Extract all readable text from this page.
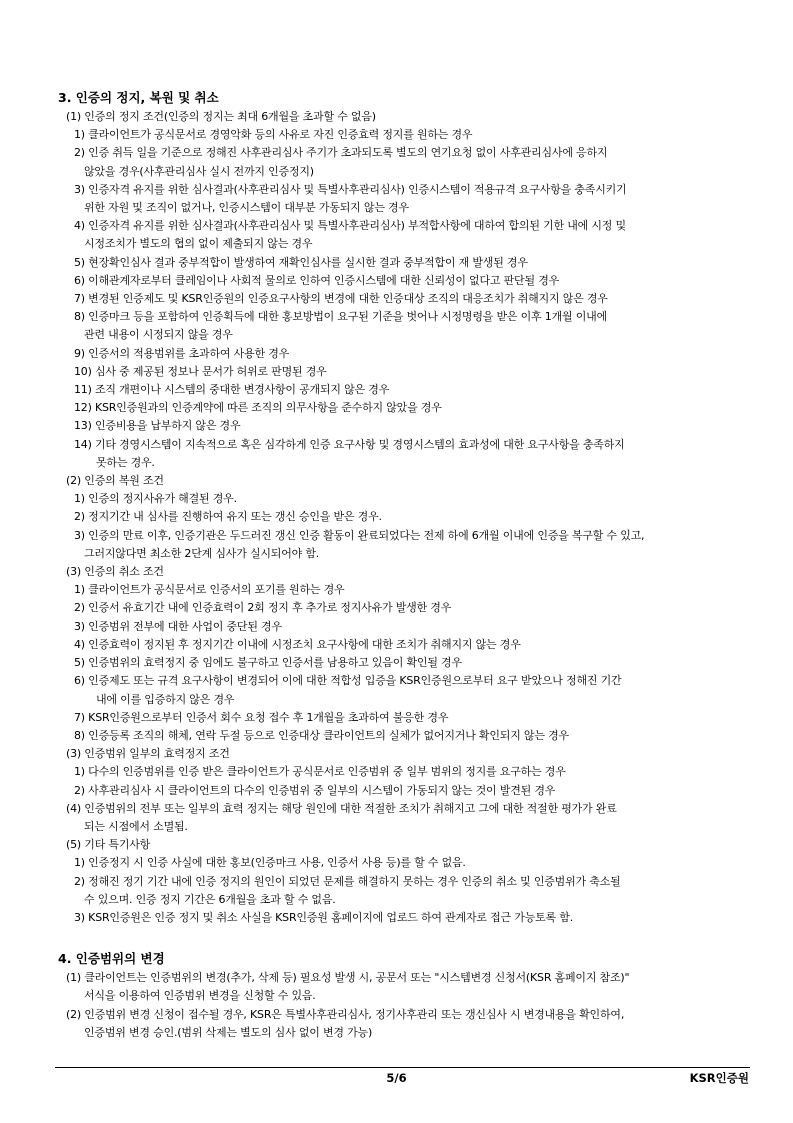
3. 인증의 정지, 복원 및 취소
(1) 인증의 정지 조건(인증의 정지는 최대 6개월을 초과할 수 없음)
1) 클라이언트가 공식문서로 경영악화 등의 사유로 자진 인증효력 정지를 원하는 경우
2) 인증 취득 일을 기준으로 정해진 사후관리심사 주기가 초과되도록 별도의 연기요청 없이 사후관리심사에 응하지
않았을 경우(사후관리심사 실시 전까지 인증정지)
3) 인증자격 유지를 위한 심사결과(사후관리심사 및 특별사후관리심사) 인증시스템이 적용규격 요구사항을 충족시키기
위한 자원 및 조직이 없거나, 인증시스템이 대부분 가동되지 않는 경우
4) 인증자격 유지를 위한 심사결과(사후관리심사 및 특별사후관리심사) 부적합사항에 대하여 합의된 기한 내에 시정 및
시정조치가 별도의 협의 없이 제출되지 않는 경우
5) 현장확인심사 결과 중부적합이 발생하여 재확인심사를 실시한 결과 중부적합이 재 발생된 경우
6) 이해관계자로부터 클레임이나 사회적 물의로 인하여 인증시스템에 대한 신뢰성이 없다고 판단될 경우
7) 변경된 인증제도 및 KSR인증원의 인증요구사항의 변경에 대한 인증대상 조직의 대응조치가 취해지지 않은 경우
8) 인증마크 등을 포함하여 인증획득에 대한 홍보방법이 요구된 기준을 벗어나 시정명령을 받은 이후 1개월 이내에
관련 내용이 시정되지 않을 경우
9) 인증서의 적용범위를 초과하여 사용한 경우
10) 심사 중 제공된 정보나 문서가 허위로 판명된 경우
11) 조직 개편이나 시스템의 중대한 변경사항이 공개되지 않은 경우
12) KSR인증원과의 인증계약에 따른 조직의 의무사항을 준수하지 않았을 경우
13) 인증비용을 납부하지 않은 경우
14) 기타 경영시스템이 지속적으로 혹은 심각하게 인증 요구사항 및 경영시스템의 효과성에 대한 요구사항을 충족하지
못하는 경우.
(2) 인증의 복원 조건
1) 인증의 정지사유가 해결된 경우.
2) 정지기간 내 심사를 진행하여 유지 또는 갱신 승인을 받은 경우.
3) 인증의 만료 이후, 인증기관은 두드러진 갱신 인증 활동이 완료되었다는 전제 하에 6개월 이내에 인증을 복구할 수 있고,
그러지않다면 최소한 2단계 심사가 실시되어야 함.
(3) 인증의 취소 조건
1) 클라이언트가 공식문서로 인증서의 포기를 원하는 경우
2) 인증서 유효기간 내에 인증효력이 2회 정지 후 추가로 정지사유가 발생한 경우
3) 인증범위 전부에 대한 사업이 중단된 경우
4) 인증효력이 정지된 후 정지기간 이내에 시정조치 요구사항에 대한 조치가 취해지지 않는 경우
5) 인증범위의 효력정지 중 임에도 불구하고 인증서를 남용하고 있음이 확인될 경우
6) 인증제도 또는 규격 요구사항이 변경되어 이에 대한 적합성 입증을 KSR인증원으로부터 요구 받았으나 정해진 기간
내에 이를 입증하지 않은 경우
7) KSR인증원으로부터 인증서 회수 요청 접수 후 1개월을 초과하여 불응한 경우
8) 인증등록 조직의 해체, 연락 두절 등으로 인증대상 클라이언트의 실체가 없어지거나 확인되지 않는 경우
(3) 인증범위 일부의 효력정지 조건
1) 다수의 인증범위를 인증 받은 클라이언트가 공식문서로 인증범위 중 일부 범위의 정지를 요구하는 경우
2) 사후관리심사 시 클라이언트의 다수의 인증범위 중 일부의 시스템이 가동되지 않는 것이 발견된 경우
(4) 인증범위의 전부 또는 일부의 효력 정지는 해당 원인에 대한 적절한 조치가 취해지고 그에 대한 적절한 평가가 완료
되는 시점에서 소멸됨.
(5) 기타 특기사항
1) 인증정지 시 인증 사실에 대한 홍보(인증마크 사용, 인증서 사용 등)를 할 수 없음.
2) 정해진 정기 기간 내에 인증 정지의 원인이 되었던 문제를 해결하지 못하는 경우 인증의 취소 및 인증범위가 축소될
수 있으며. 인증 정지 기간은 6개월을 초과 할 수 없음.
3) KSR인증원은 인증 정지 및 취소 사실을 KSR인증원 홈페이지에 업로드 하여 관계자로 접근 가능토록 함.
4. 인증범위의 변경
(1) 클라이언트는 인증범위의 변경(추가, 삭제 등) 필요성 발생 시, 공문서 또는 "시스템변경 신청서(KSR 홈페이지 참조)"
서식을 이용하여 인증범위 변경을 신청할 수 있음.
(2) 인증범위 변경 신청이 접수될 경우, KSR은 특별사후관리심사, 정기사후관리 또는 갱신심사 시 변경내용을 확인하여,
인증범위 변경 승인.(범위 삭제는 별도의 심사 없이 변경 가능)
5/6	KSR인증원
